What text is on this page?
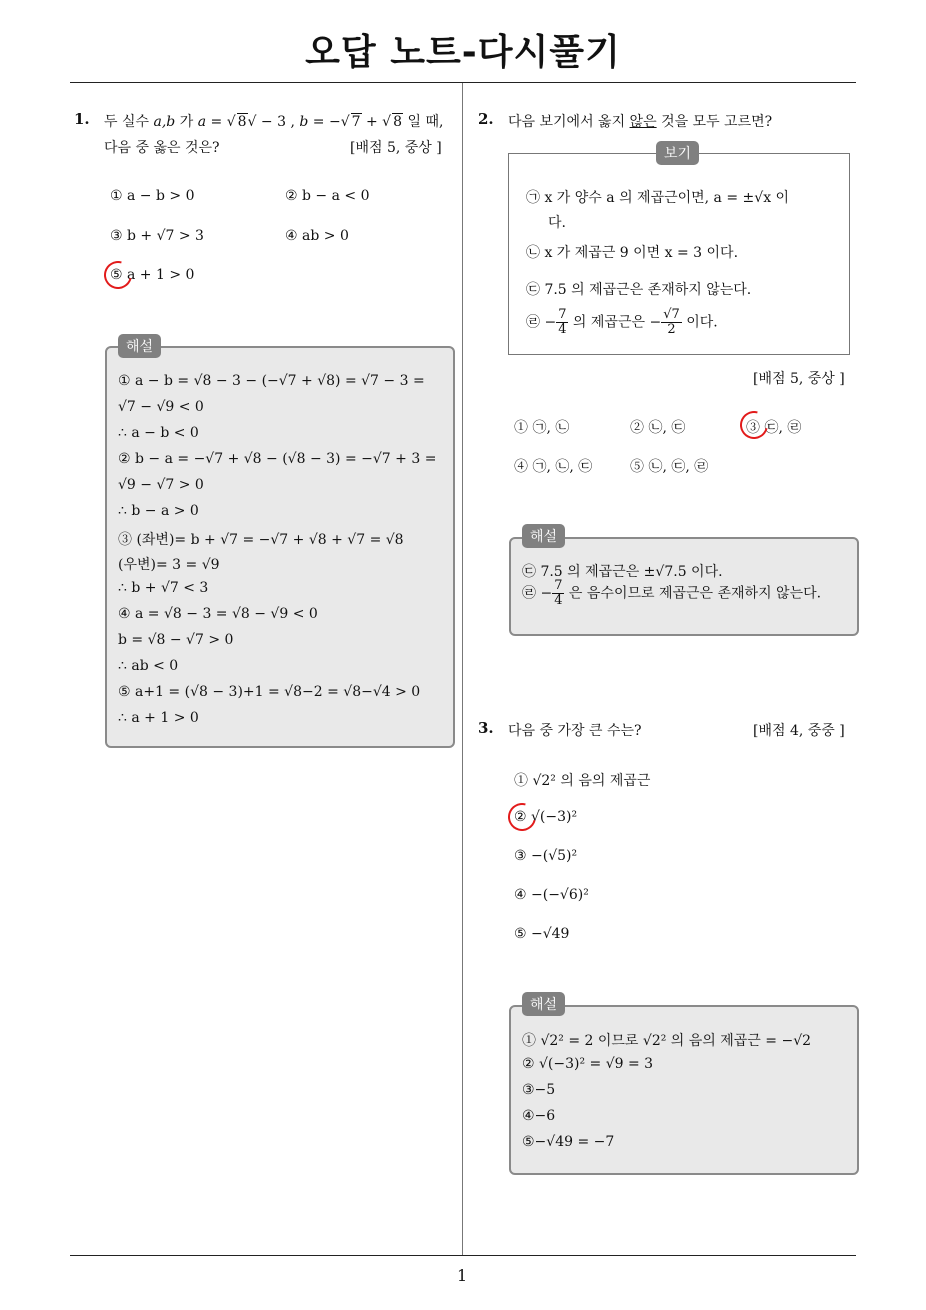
오답 노트-다시풀기
1. 두 실수 a,b 가 a = √ 8√ − 3 , b = −√ 7 + √ 8 일 때,
다음 중 옳은 것은?	[배점 5, 중상 ]
① a − b > 0	② b − a < 0
③ b + √7 > 3	④ ab > 0
⑤ a + 1 > 0
해설
① a − b = √8 − 3 − (−√7 + √8) = √7 − 3 =
√7 − √9 < 0
∴ a − b < 0
② b − a = −√7 + √8 − (√8 − 3) = −√7 + 3 =
√9 − √7 > 0
∴ b − a > 0
③ (좌변)= b + √7 = −√7 + √8 + √7 = √8
(우변)= 3 = √9
∴ b + √7 < 3
④ a = √8 − 3 = √8 − √9 < 0
b = √8 − √7 > 0
∴ ab < 0
⑤ a+1 = (√8 − 3)+1 = √8−2 = √8−√4 > 0
∴ a + 1 > 0
2. 다음 보기에서 옳지 않은 것을 모두 고르면?
보기
㉠ x 가 양수 a 의 제곱근이면, a = ±√x 이
다.
㉡ x 가 제곱근 9 이면 x = 3 이다.
㉢ 7.5 의 제곱근은 존재하지 않는다.
㉣ − $\frac{7}{4}$ 의 제곱근은 − $\frac{√7}{2}$ 이다.
[배점 5, 중상 ]
① ㉠, ㉡	② ㉡, ㉢	③ ㉢, ㉣
④ ㉠, ㉡, ㉢	⑤ ㉡, ㉢, ㉣
해설
㉢ 7.5 의 제곱근은 ±√7.5 이다.
㉣ − $\frac{7}{4}$ 은 음수이므로 제곱근은 존재하지 않는다.
3. 다음 중 가장 큰 수는?	[배점 4, 중중 ]
① √2² 의 음의 제곱근
② √(−3)²
③ −(√5)²
④ −(−√6)²
⑤ −√49
해설
① √2² = 2 이므로 √2² 의 음의 제곱근 = −√2
② √(−3)² = √9 = 3
③−5
④−6
⑤−√49 = −7
1
